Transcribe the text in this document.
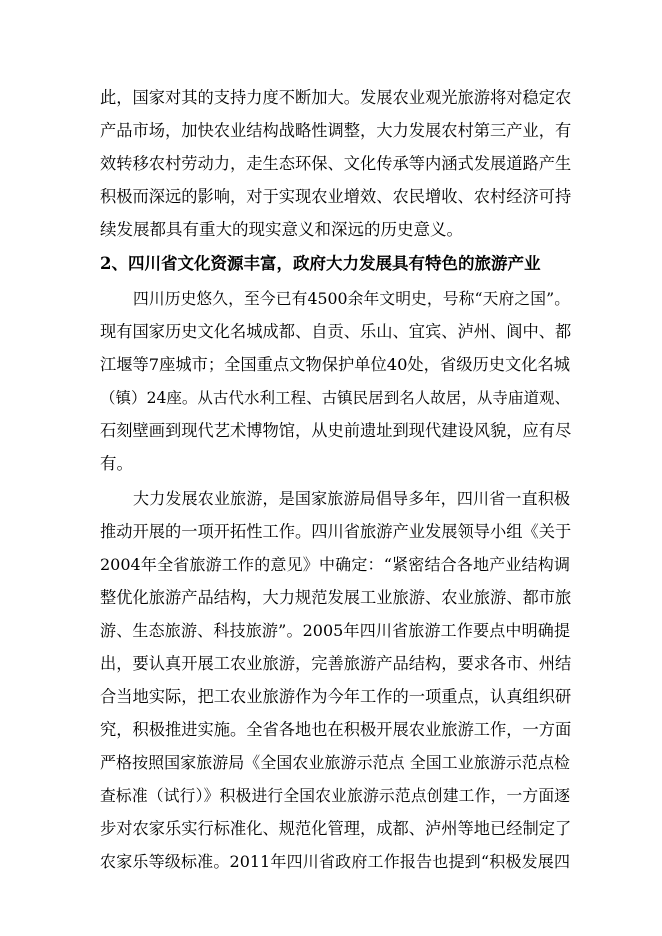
此，国家对其的支持力度不断加大。发展农业观光旅游将对稳定农
产品市场，加快农业结构战略性调整，大力发展农村第三产业，有
效转移农村劳动力，走生态环保、文化传承等内涵式发展道路产生
积极而深远的影响，对于实现农业增效、农民增收、农村经济可持
续发展都具有重大的现实意义和深远的历史意义。
2、四川省文化资源丰富，政府大力发展具有特色的旅游产业
四川历史悠久，至今已有4500余年文明史，号称“天府之国”。
现有国家历史文化名城成都、自贡、乐山、宜宾、泸州、阆中、都
江堰等7座城市；全国重点文物保护单位40处，省级历史文化名城
（镇）24座。从古代水利工程、古镇民居到名人故居，从寺庙道观、
石刻壁画到现代艺术博物馆，从史前遗址到现代建设风貌，应有尽
有。
大力发展农业旅游，是国家旅游局倡导多年，四川省一直积极
推动开展的一项开拓性工作。四川省旅游产业发展领导小组《关于
2004年全省旅游工作的意见》中确定：“紧密结合各地产业结构调
整优化旅游产品结构，大力规范发展工业旅游、农业旅游、都市旅
游、生态旅游、科技旅游”。2005年四川省旅游工作要点中明确提
出，要认真开展工农业旅游，完善旅游产品结构，要求各市、州结
合当地实际，把工农业旅游作为今年工作的一项重点，认真组织研
究，积极推进实施。全省各地也在积极开展农业旅游工作，一方面
严格按照国家旅游局《全国农业旅游示范点 全国工业旅游示范点检
查标准（试行）》积极进行全国农业旅游示范点创建工作，一方面逐
步对农家乐实行标准化、规范化管理，成都、泸州等地已经制定了
农家乐等级标准。2011年四川省政府工作报告也提到“积极发展四
